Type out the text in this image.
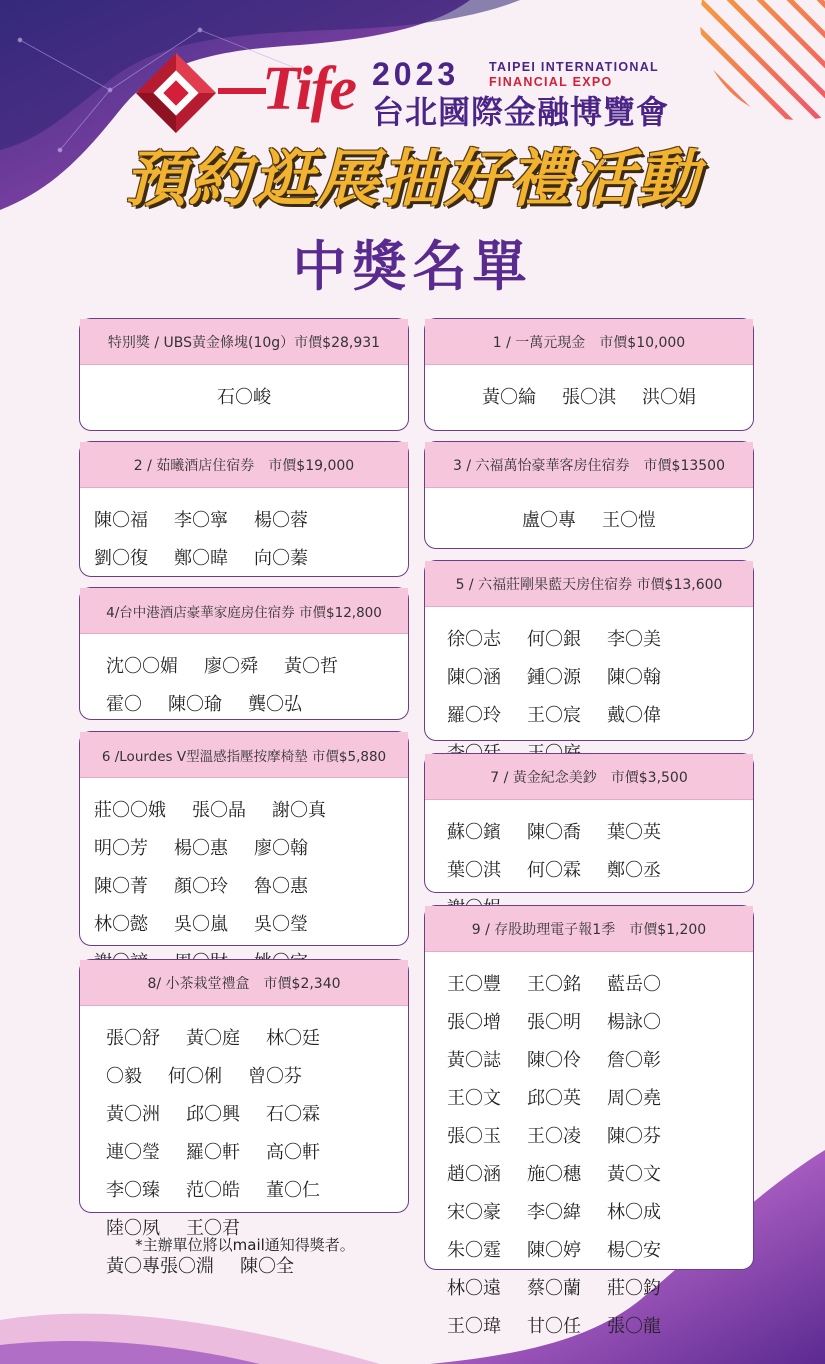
Tife 2023 TAIPEI INTERNATIONAL
FINANCIAL EXPO
台北國際金融博覽會
預約逛展抽好禮活動
中獎名單
特別獎 / UBS黃金條塊(10g）市價$28,931
石〇峻
2 / 茹曦酒店住宿券　市價$19,000
陳〇福 李〇寧 楊〇蓉
劉〇復 鄭〇暐 向〇蓁
4/台中港酒店豪華家庭房住宿券 市價$12,800
沈〇〇媚 廖〇舜 黃〇哲
霍〇 陳〇瑜 龔〇弘
6 /Lourdes V型溫感指壓按摩椅墊 市價$5,880
莊〇〇娥 張〇晶 謝〇真
明〇芳 楊〇惠 廖〇翰
陳〇菁 顏〇玲 魯〇惠
林〇懿 吳〇嵐 吳〇瑩
8/ 小茶栽堂禮盒　市價$2,340
張〇舒 黃〇庭 林〇廷
〇毅 何〇俐 曾〇芬
黃〇洲 邱〇興 石〇霖
連〇瑩 羅〇軒 高〇軒
李〇臻 范〇皓 董〇仁
陸〇夙 王〇君
黃〇專張〇淵 陳〇全
*主辦單位將以mail通知得獎者。
1 / 一萬元現金　市價$10,000
黃〇綸 張〇淇 洪〇娟
3 / 六福萬怡豪華客房住宿券　市價$13500
盧〇專 王〇愷
5 / 六福莊剛果藍天房住宿券 市價$13,600
徐〇志 何〇銀 李〇美
陳〇涵 鍾〇源 陳〇翰
羅〇玲 王〇宸 戴〇偉
7 / 黃金紀念美鈔　市價$3,500
蘇〇鑌 陳〇喬 葉〇英
葉〇淇 何〇霖 鄭〇丞
9 / 存股助理電子報1季　市價$1,200
王〇豐 王〇銘 藍岳〇
張〇增 張〇明 楊詠〇
黃〇誌 陳〇伶 詹〇彰
王〇文 邱〇英 周〇堯
張〇玉 王〇凌 陳〇芬
趙〇涵 施〇穗 黃〇文
宋〇豪 李〇緯 林〇成
朱〇霆 陳〇婷 楊〇安
林〇遠 蔡〇蘭 莊〇鈞
王〇瑋 甘〇任 張〇龍
